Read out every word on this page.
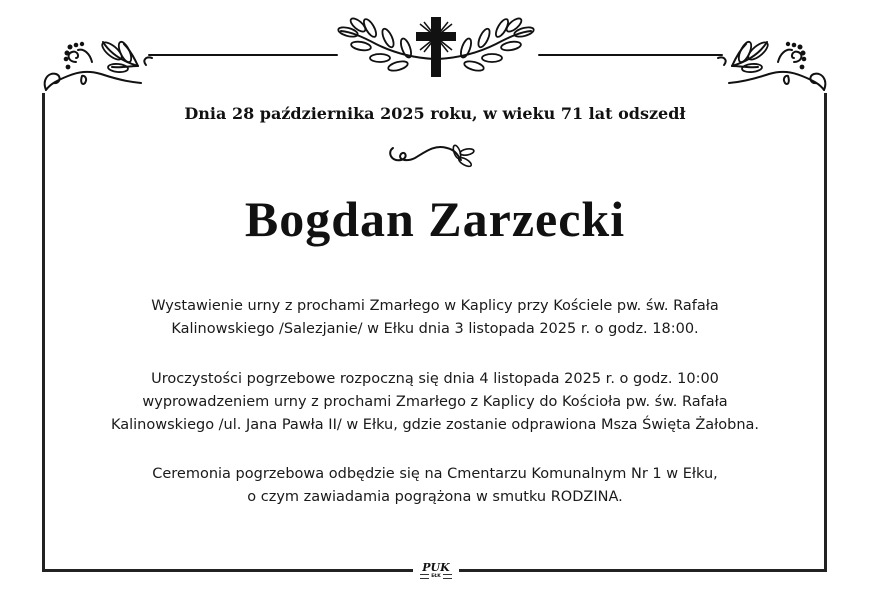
Dnia 28 października 2025 roku, w wieku 71 lat odszedł
Bogdan Zarzecki
Wystawienie urny z prochami Zmarłego w Kaplicy przy Kościele pw. św. Rafała
Kalinowskiego /Salezjanie/ w Ełku dnia 3 listopada 2025 r. o godz. 18:00.
Uroczystości pogrzebowe rozpoczną się dnia 4 listopada 2025 r. o godz. 10:00
wyprowadzeniem urny z prochami Zmarłego z Kaplicy do Kościoła pw. św. Rafała
Kalinowskiego /ul. Jana Pawła II/ w Ełku, gdzie zostanie odprawiona Msza Święta Żałobna.
Ceremonia pogrzebowa odbędzie się na Cmentarzu Komunalnym Nr 1 w Ełku,
o czym zawiadamia pogrążona w smutku RODZINA.
PUK
EŁK
